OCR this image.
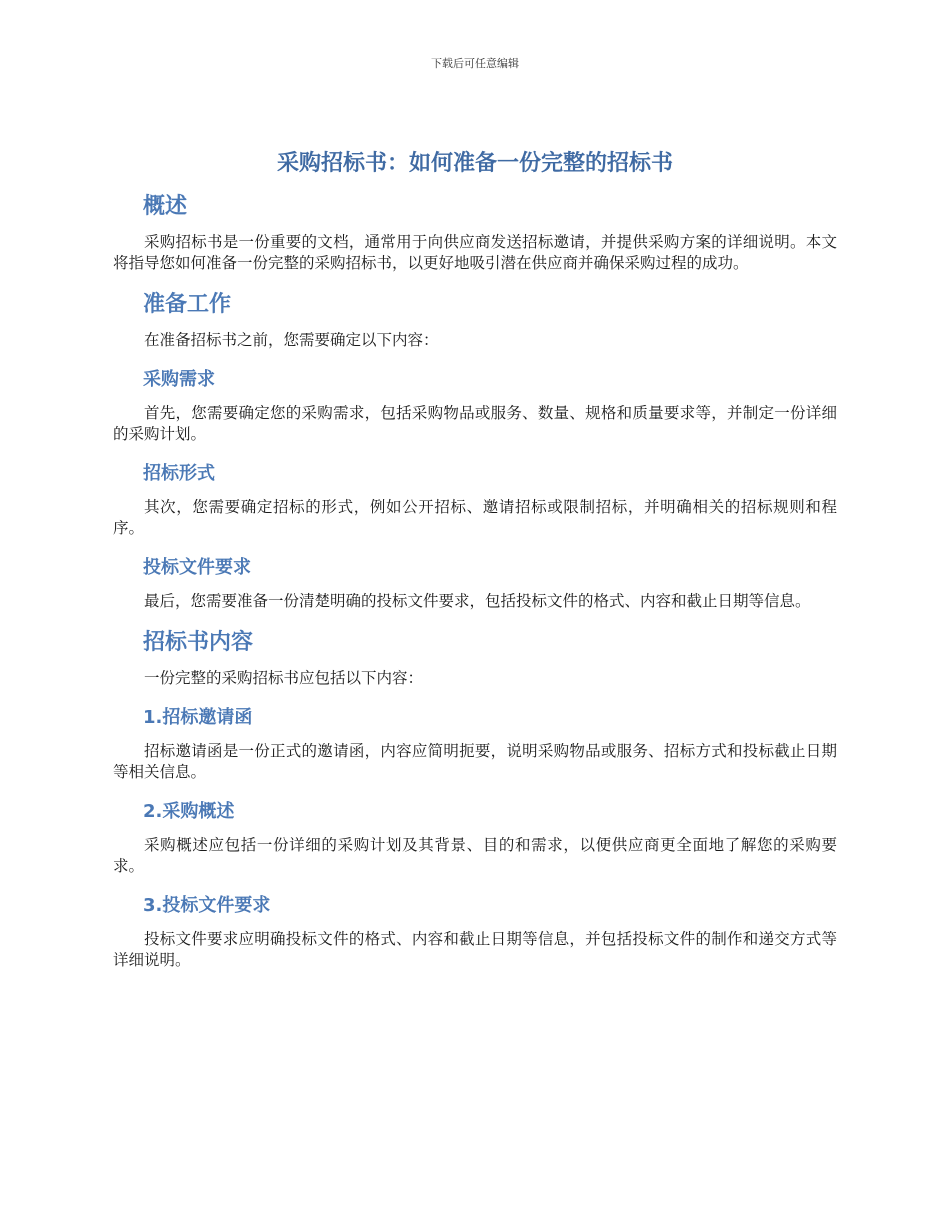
下载后可任意编辑
采购招标书：如何准备一份完整的招标书
概述

采购招标书是一份重要的文档，通常用于向供应商发送招标邀请，并提供采购方案的详细说明。本文将指导您如何准备一份完整的采购招标书，以更好地吸引潜在供应商并确保采购过程的成功。

准备工作

在准备招标书之前，您需要确定以下内容：

采购需求

首先，您需要确定您的采购需求，包括采购物品或服务、数量、规格和质量要求等，并制定一份详细的采购计划。

招标形式

其次，您需要确定招标的形式，例如公开招标、邀请招标或限制招标，并明确相关的招标规则和程序。

投标文件要求

最后，您需要准备一份清楚明确的投标文件要求，包括投标文件的格式、内容和截止日期等信息。

招标书内容

一份完整的采购招标书应包括以下内容：

1.招标邀请函

招标邀请函是一份正式的邀请函，内容应简明扼要，说明采购物品或服务、招标方式和投标截止日期等相关信息。

2.采购概述

采购概述应包括一份详细的采购计划及其背景、目的和需求，以便供应商更全面地了解您的采购要求。

3.投标文件要求

投标文件要求应明确投标文件的格式、内容和截止日期等信息，并包括投标文件的制作和递交方式等详细说明。
